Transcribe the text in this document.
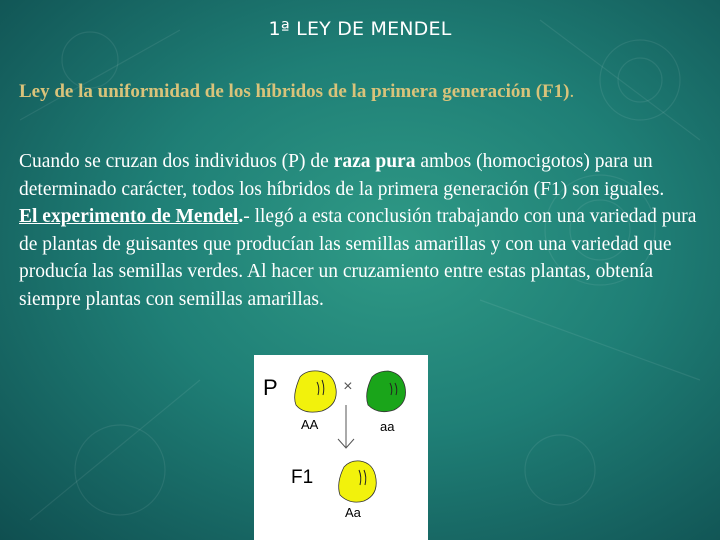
1ª LEY DE MENDEL
Ley de la uniformidad de los híbridos de la primera generación (F1).

Cuando se cruzan dos individuos (P) de raza pura ambos (homocigotos) para un determinado carácter, todos los híbridos de la primera generación (F1) son iguales.

El experimento de Mendel.- llegó a esta conclusión trabajando con una variedad pura de plantas de guisantes que producían las semillas amarillas y con una variedad que producía las semillas verdes. Al hacer un cruzamiento entre estas plantas, obtenía siempre plantas con semillas amarillas.

P	×
AA	aa
F1
Aa
